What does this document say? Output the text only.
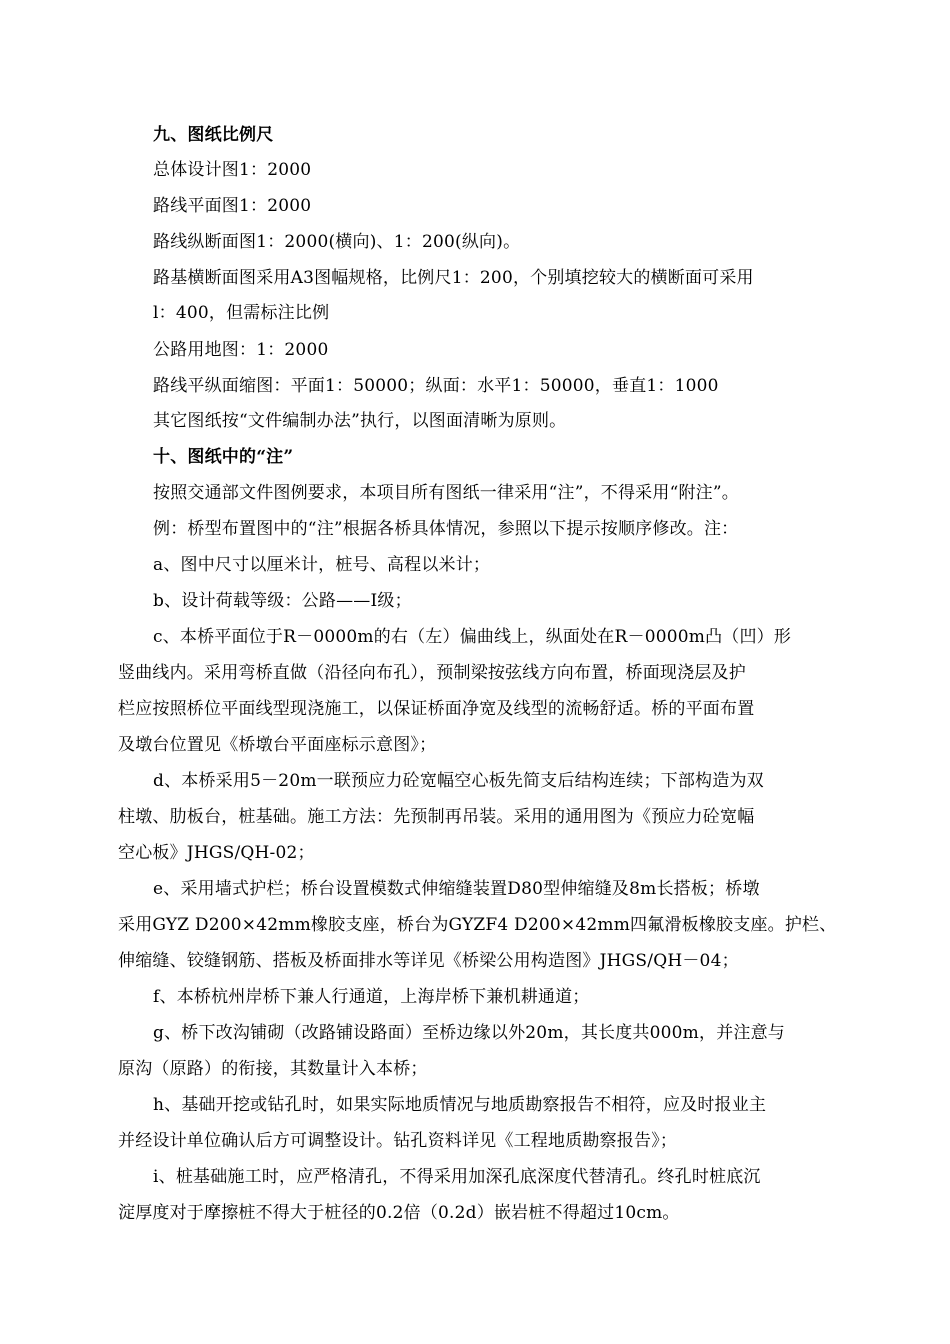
九、图纸比例尺
总体设计图1：2000
路线平面图1：2000
路线纵断面图1：2000(横向)、1：200(纵向)。
路基横断面图采用A3图幅规格，比例尺1：200，个别填挖较大的横断面可采用
l：400，但需标注比例
公路用地图：1：2000
路线平纵面缩图：平面1：50000；纵面：水平1：50000，垂直1：1000
其它图纸按“文件编制办法”执行，以图面清晰为原则。
十、图纸中的“注”
按照交通部文件图例要求，本项目所有图纸一律采用“注”，不得采用“附注”。
例：桥型布置图中的“注”根据各桥具体情况，参照以下提示按顺序修改。注：
a、图中尺寸以厘米计，桩号、高程以米计；
b、设计荷载等级：公路——Ⅰ级；
c、本桥平面位于R－0000m的右（左）偏曲线上，纵面处在R－0000m凸（凹）形
竖曲线内。采用弯桥直做（沿径向布孔），预制梁按弦线方向布置，桥面现浇层及护
栏应按照桥位平面线型现浇施工，以保证桥面净宽及线型的流畅舒适。桥的平面布置
及墩台位置见《桥墩台平面座标示意图》；
d、本桥采用5－20m一联预应力砼宽幅空心板先简支后结构连续；下部构造为双
柱墩、肋板台，桩基础。施工方法：先预制再吊装。采用的通用图为《预应力砼宽幅
空心板》JHGS/QH-02；
e、采用墙式护栏；桥台设置模数式伸缩缝装置D80型伸缩缝及8m长搭板；桥墩
采用GYZ D200×42mm橡胶支座，桥台为GYZF4 D200×42mm四氟滑板橡胶支座。护栏、
伸缩缝、铰缝钢筋、搭板及桥面排水等详见《桥梁公用构造图》JHGS/QH－04；
f、本桥杭州岸桥下兼人行通道，上海岸桥下兼机耕通道；
g、桥下改沟铺砌（改路铺设路面）至桥边缘以外20m，其长度共000m，并注意与
原沟（原路）的衔接，其数量计入本桥；
h、基础开挖或钻孔时，如果实际地质情况与地质勘察报告不相符，应及时报业主
并经设计单位确认后方可调整设计。钻孔资料详见《工程地质勘察报告》；
i、桩基础施工时，应严格清孔，不得采用加深孔底深度代替清孔。终孔时桩底沉
淀厚度对于摩擦桩不得大于桩径的0.2倍（0.2d）嵌岩桩不得超过10cm。
